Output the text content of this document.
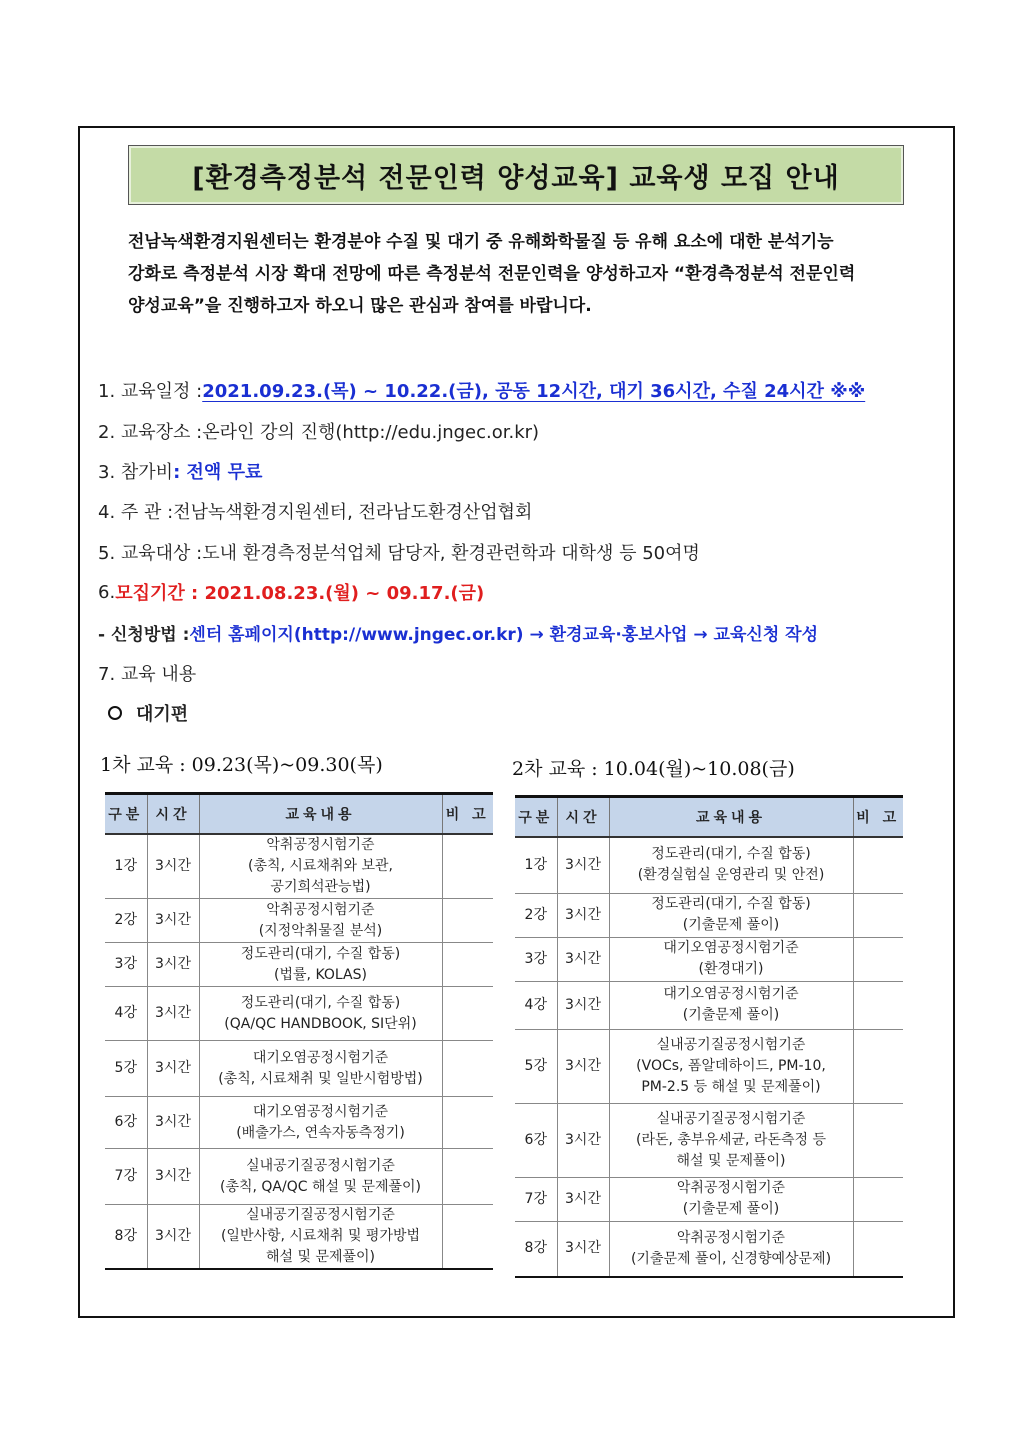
[환경측정분석 전문인력 양성교육] 교육생 모집 안내

전남녹색환경지원센터는 환경분야 수질 및 대기 중 유해화학물질 등 유해 요소에 대한 분석기능

강화로 측정분석 시장 확대 전망에 따른 측정분석 전문인력을 양성하고자 “환경측정분석 전문인력

양성교육”을 진행하고자 하오니 많은 관심과 참여를 바랍니다.

1. 교육일정 : 2021.09.23.(목) ~ 10.22.(금), 공동 12시간, 대기 36시간, 수질 24시간 ※※
2. 교육장소 : 온라인 강의 진행(http://edu.jngec.or.kr)
3. 참가비 : 전액 무료
4. 주 관 : 전남녹색환경지원센터, 전라남도환경산업협회
5. 교육대상 : 도내 환경측정분석업체 담당자, 환경관련학과 대학생 등 50여명
6. 모집기간 : 2021.08.23.(월) ~ 09.17.(금)
- 신청방법 : 센터 홈페이지(http://www.jngec.or.kr) → 환경교육·홍보사업 → 교육신청 작성
7. 교육 내용
대기편
1차 교육 : 09.23(목)~09.30(목)	2차 교육 : 10.04(월)~10.08(금)
구분	시간	교육내용	비 고
1강	3시간	악취공정시험기준
(총칙, 시료채취와 보관,
공기희석관능법)	
2강	3시간	악취공정시험기준
(지정악취물질 분석)	
3강	3시간	정도관리(대기, 수질 합동)
(법률, KOLAS)	
4강	3시간	정도관리(대기, 수질 합동)
(QA/QC HANDBOOK, SI단위)	
5강	3시간	대기오염공정시험기준
(총칙, 시료채취 및 일반시험방법)	
6강	3시간	대기오염공정시험기준
(배출가스, 연속자동측정기)	
7강	3시간	실내공기질공정시험기준
(총칙, QA/QC 해설 및 문제풀이)	
8강	3시간	실내공기질공정시험기준
(일반사항, 시료채취 및 평가방법
해설 및 문제풀이)	
구분	시간	교육내용	비 고
1강	3시간	정도관리(대기, 수질 합동)
(환경실험실 운영관리 및 안전)	
2강	3시간	정도관리(대기, 수질 합동)
(기출문제 풀이)	
3강	3시간	대기오염공정시험기준
(환경대기)	
4강	3시간	대기오염공정시험기준
(기출문제 풀이)	
5강	3시간	실내공기질공정시험기준
(VOCs, 폼알데하이드, PM-10,
PM-2.5 등 해설 및 문제풀이)	
6강	3시간	실내공기질공정시험기준
(라돈, 총부유세균, 라돈측정 등
해설 및 문제풀이)	
7강	3시간	악취공정시험기준
(기출문제 풀이)	
8강	3시간	악취공정시험기준
(기출문제 풀이, 신경향예상문제)	
